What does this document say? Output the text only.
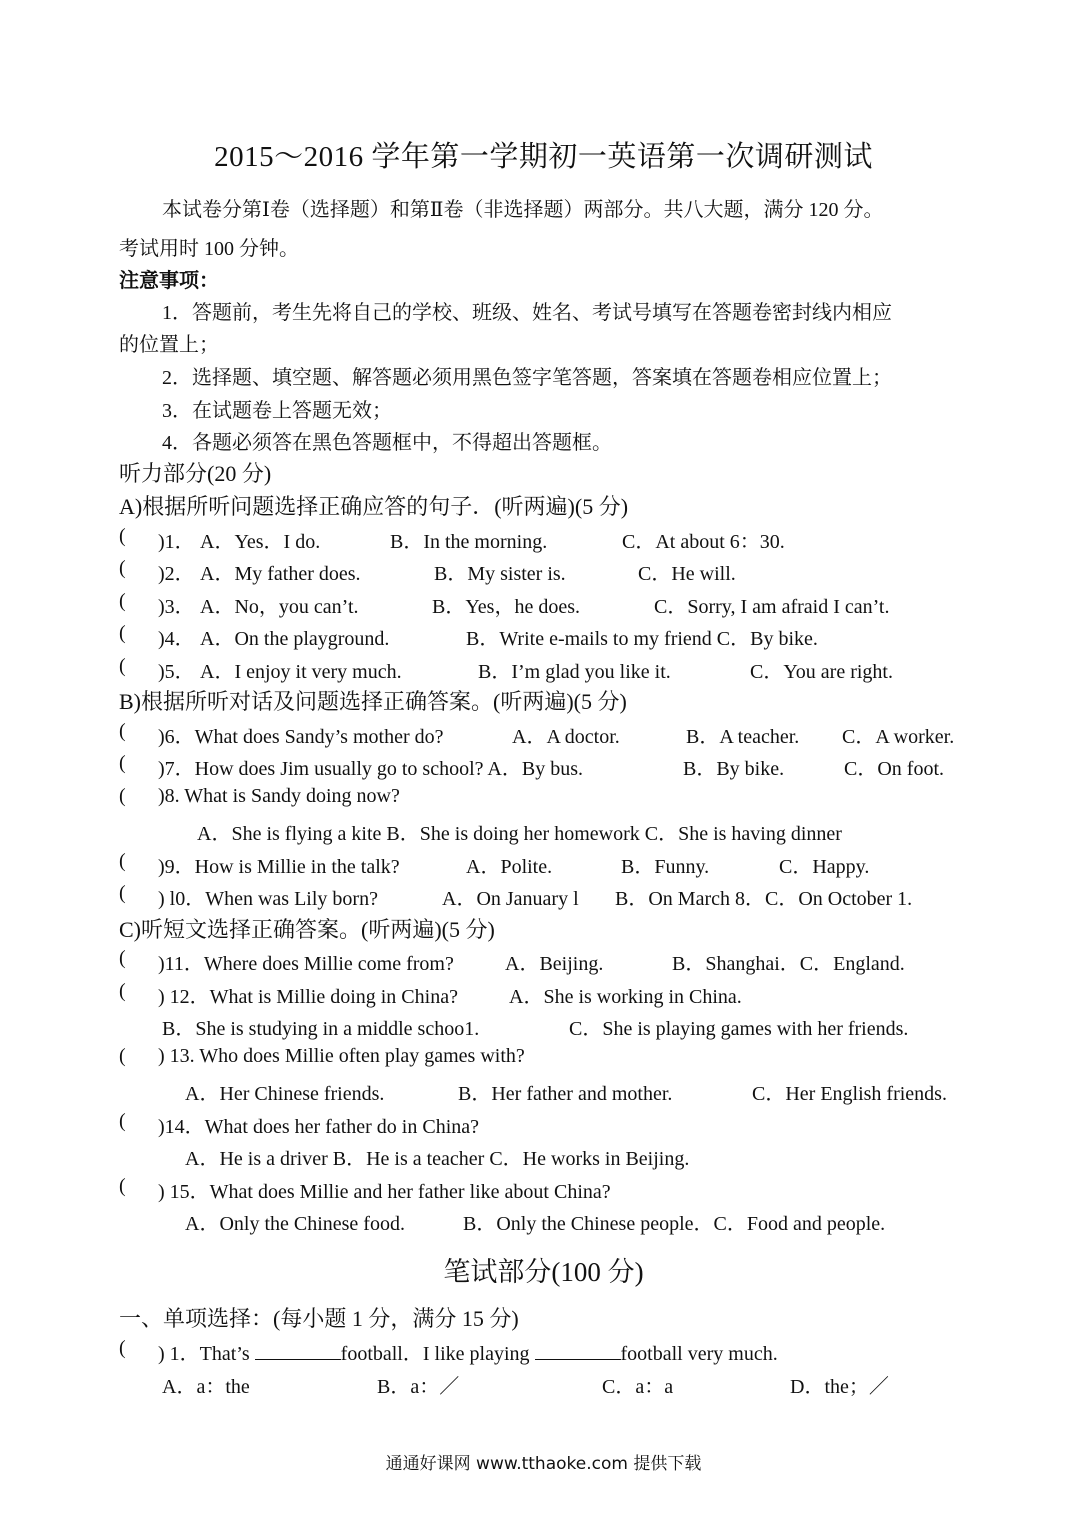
2015～2016 学年第一学期初一英语第一次调研测试
本试卷分第Ⅰ卷（选择题）和第Ⅱ卷（非选择题）两部分。共八大题，满分 120 分。
考试用时 100 分钟。
注意事项：
1．答题前，考生先将自己的学校、班级、姓名、考试号填写在答题卷密封线内相应
的位置上；
2．选择题、填空题、解答题必须用黑色签字笔答题，答案填在答题卷相应位置上；
3．在试题卷上答题无效；
4．各题必须答在黑色答题框中，不得超出答题框。
听力部分(20 分)
A)根据所听问题选择正确应答的句子．(听两遍)(5 分)
( )1． A．Yes．I do.	B．In the morning.	C．At about 6：30.
( )2． A．My father does.	B．My sister is.	C．He will.
( )3． A．No，you can’t.	B．Yes，he does.	C．Sorry, I am afraid I can’t.
( )4． A．On the playground.	B．Write e-mails to my friend C．By bike.
( )5． A．I enjoy it very much.	B．I’m glad you like it.	C．You are right.
B)根据所听对话及问题选择正确答案。(听两遍)(5 分)
( )6．What does Sandy’s mother do?	A．A doctor.	B．A teacher. C．A worker.
( )7．How does Jim usually go to school? A．By bus.	B．By bike.	C．On foot.
( )8. What is Sandy doing now?
A．She is flying a kite B．She is doing her homework C．She is having dinner
( )9．How is Millie in the talk?	A．Polite.	B．Funny.	C．Happy.
( ) l0．When was Lily born?	A．On January l B．On March 8．C．On October 1.
C)听短文选择正确答案。(听两遍)(5 分)
( )11．Where does Millie come from?	A．Beijing.	B．Shanghai．C．England.
( ) 12．What is Millie doing in China?	A．She is working in China.
B．She is studying in a middle schoo1.	C．She is playing games with her friends.
( ) 13. Who does Millie often play games with?
A．Her Chinese friends.	B．Her father and mother.	C．Her English friends.
( )14．What does her father do in China?
A．He is a driver B．He is a teacher C．He works in Beijing.
( ) 15．What does Millie and her father like about China?
A．Only the Chinese food.	B．Only the Chinese people．C．Food and people.
笔试部分(100 分)
一、单项选择：(每小题 1 分，满分 15 分)
( ) 1．That’s	football．I like playing	football very much.
A．a：the	B．a：／	C．a：a	D．the；／
通通好课网 www.tthaoke.com 提供下载
